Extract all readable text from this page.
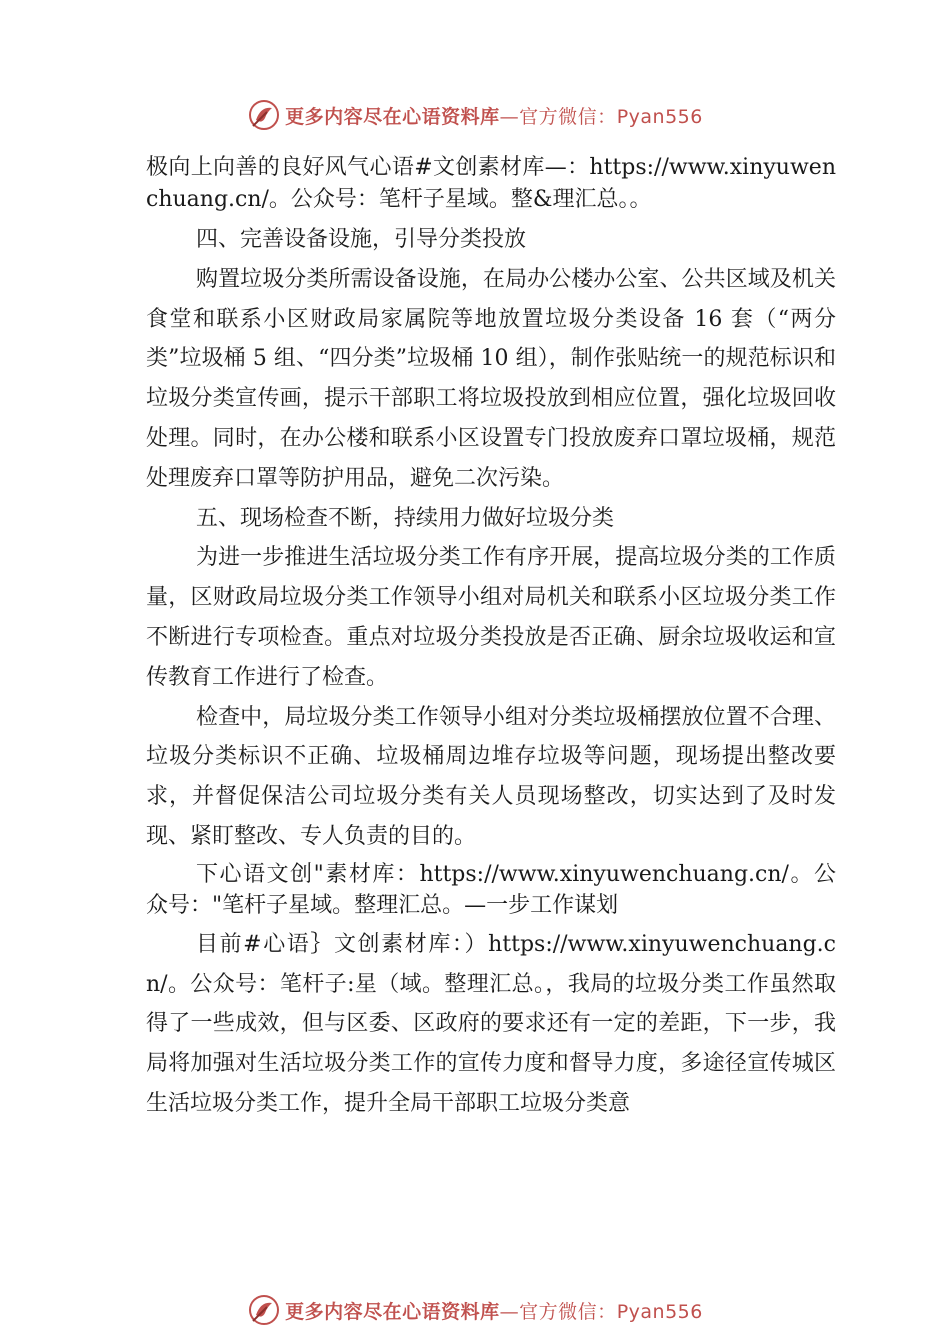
更多内容尽在心语资料库—官方微信：Pyan556

极向上向善的良好风气心语#文创素材库—：https://www.xinyuwenchuang.cn/。公众号：笔杆子星域。整&理汇总。。

四、完善设备设施，引导分类投放

购置垃圾分类所需设备设施，在局办公楼办公室、公共区域及机关食堂和联系小区财政局家属院等地放置垃圾分类设备 16 套（“两分类”垃圾桶 5 组、“四分类”垃圾桶 10 组），制作张贴统一的规范标识和垃圾分类宣传画，提示干部职工将垃圾投放到相应位置，强化垃圾回收处理。同时，在办公楼和联系小区设置专门投放废弃口罩垃圾桶，规范处理废弃口罩等防护用品，避免二次污染。

五、现场检查不断，持续用力做好垃圾分类

为进一步推进生活垃圾分类工作有序开展，提高垃圾分类的工作质量，区财政局垃圾分类工作领导小组对局机关和联系小区垃圾分类工作不断进行专项检查。重点对垃圾分类投放是否正确、厨余垃圾收运和宣传教育工作进行了检查。

检查中，局垃圾分类工作领导小组对分类垃圾桶摆放位置不合理、垃圾分类标识不正确、垃圾桶周边堆存垃圾等问题，现场提出整改要求，并督促保洁公司垃圾分类有关人员现场整改，切实达到了及时发现、紧盯整改、专人负责的目的。

下心语文创"素材库：https://www.xinyuwenchuang.cn/。公众号："笔杆子星域。整理汇总。—一步工作谋划

目前#心语｝文创素材库：）https://www.xinyuwenchuang.cn/。公众号：笔杆子:星（域。整理汇总。，我局的垃圾分类工作虽然取得了一些成效，但与区委、区政府的要求还有一定的差距，下一步，我局将加强对生活垃圾分类工作的宣传力度和督导力度，多途径宣传城区生活垃圾分类工作，提升全局干部职工垃圾分类意

更多内容尽在心语资料库—官方微信：Pyan556
